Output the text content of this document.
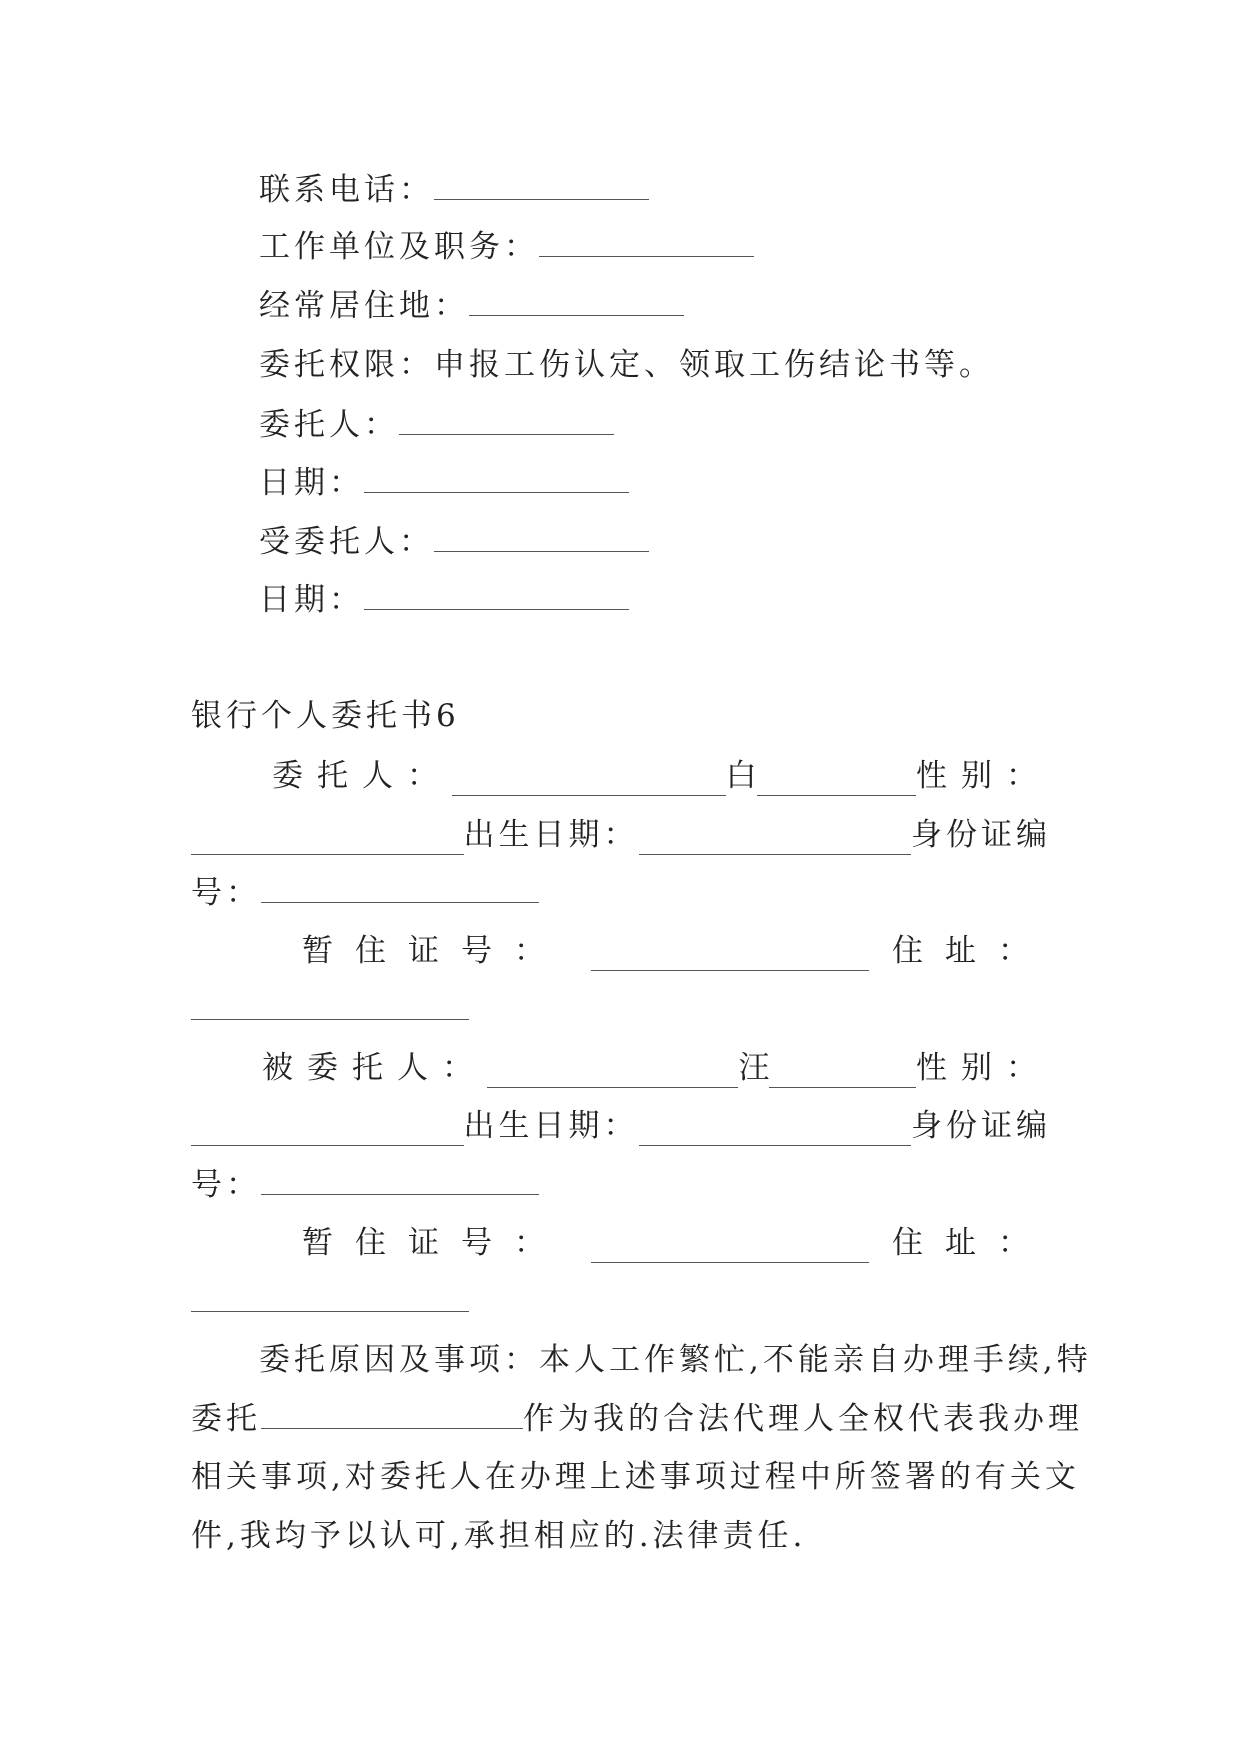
联系电话：
工作单位及职务：
经常居住地：
委托权限：申报工伤认定、领取工伤结论书等。
委托人：
日期：
受委托人：
日期：
银行个人委托书6
委托人：	白	性别：
出生日期：	身份证编
号：
暂住证号：	住址：
被委托人：	汪	性别：
出生日期：	身份证编
号：
暂住证号：	住址：
委托原因及事项：本人工作繁忙,不能亲自办理手续,特
委托	作为我的合法代理人全权代表我办理
相关事项,对委托人在办理上述事项过程中所签署的有关文
件,我均予以认可,承担相应的.法律责任.
